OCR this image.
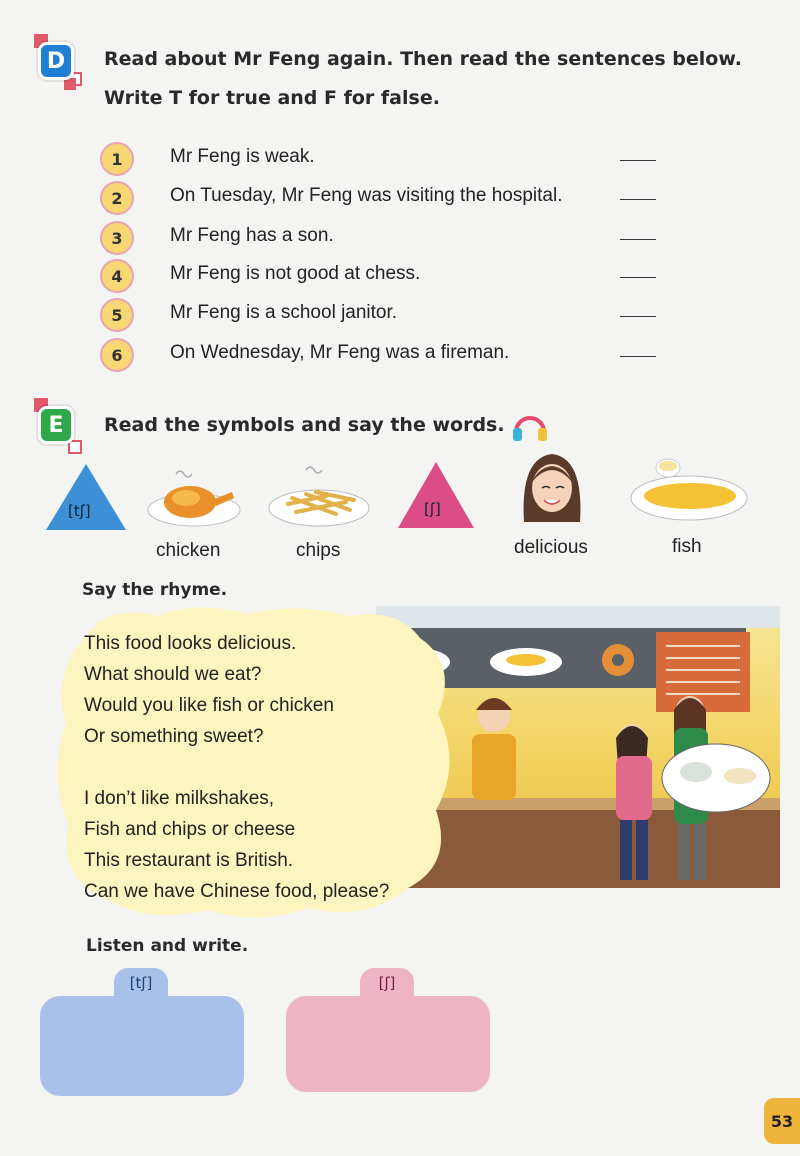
D	Read about Mr Feng again. Then read the sentences below.
Write T for true and F for false.
1	Mr Feng is weak.
2	On Tuesday, Mr Feng was visiting the hospital.
3	Mr Feng has a son.
4	Mr Feng is not good at chess.
5	Mr Feng is a school janitor.
6	On Wednesday, Mr Feng was a fireman.
E	Read the symbols and say the words.
[tʃ]
chicken	chips
[ʃ]
delicious	fish
Say the rhyme.
This food looks delicious.
What should we eat?
Would you like fish or chicken
Or something sweet?
I don’t like milkshakes,
Fish and chips or cheese
This restaurant is British.
Can we have Chinese food, please?
Listen and write.
[tʃ]	[ʃ]
53
